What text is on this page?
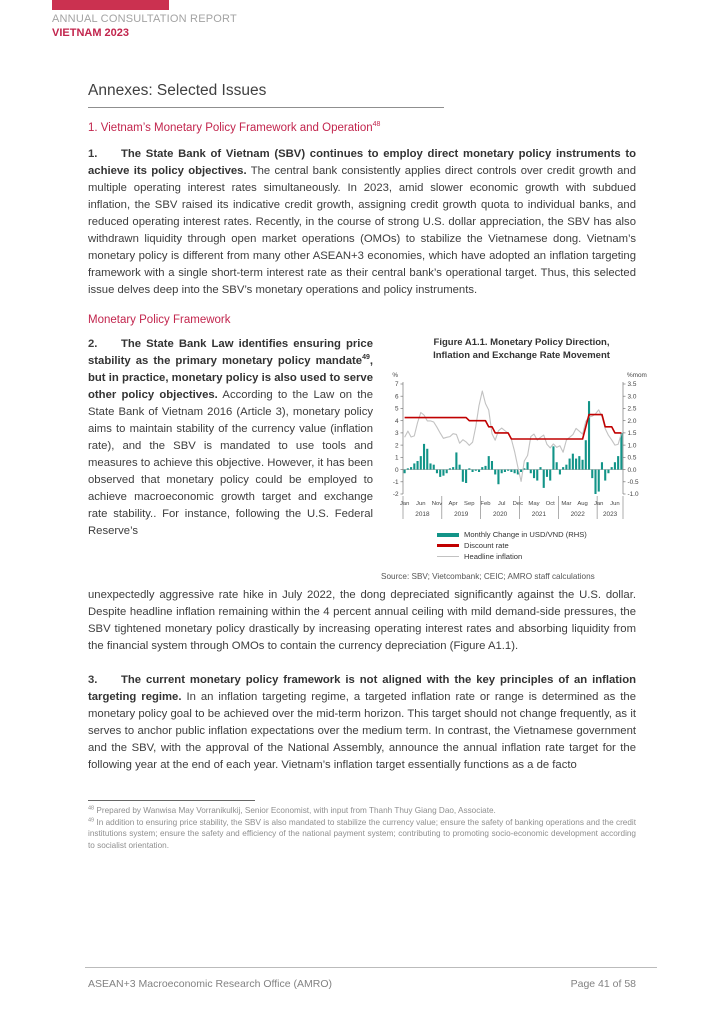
ANNUAL CONSULTATION REPORT
VIETNAM 2023
Annexes: Selected Issues
1. Vietnam’s Monetary Policy Framework and Operation$^{48}$

1. The State Bank of Vietnam (SBV) continues to employ direct monetary policy instruments to achieve its policy objectives. The central bank consistently applies direct controls over credit growth and multiple operating interest rates simultaneously. In 2023, amid slower economic growth with subdued inflation, the SBV raised its indicative credit growth, assigning credit growth quota to individual banks, and reduced operating interest rates. Recently, in the course of strong U.S. dollar appreciation, the SBV has also withdrawn liquidity through open market operations (OMOs) to stabilize the Vietnamese dong. Vietnam’s monetary policy is different from many other ASEAN+3 economies, which have adopted an inflation targeting framework with a single short-term interest rate as their central bank’s operational target. Thus, this selected issue delves deep into the SBV’s monetary operations and policy instruments.

Monetary Policy Framework

2. The State Bank Law identifies ensuring price stability as the primary monetary policy mandate$^{49}$, but in practice, monetary policy is also used to serve other policy objectives. According to the Law on the State Bank of Vietnam 2016 (Article 3), monetary policy aims to maintain stability of the currency value (inflation rate), and the SBV is mandated to use tools and measures to achieve this objective. However, it has been observed that monetary policy could be employed to achieve macroeconomic growth target and exchange rate stability.. For instance, following the U.S. Federal Reserve’s

Figure A1.1. Monetary Policy Direction,
Inflation and Exchange Rate Movement
-2
-1
0
1
2
3
4
5
6
7
%
-1.0
-0.5
0.0
0.5
1.0
1.5
2.0
2.5
3.0
3.5
%mom
Jan Jun Nov Apr Sep Feb Jul Dec May Oct Mar Aug Jan Jun
2018	2019	2020	2021	2022	2023
Monthly Change in USD/VND (RHS)
Discount rate
Headline inflation
Source: SBV; Vietcombank; CEIC; AMRO staff calculations

unexpectedly aggressive rate hike in July 2022, the dong depreciated significantly against the U.S. dollar. Despite headline inflation remaining within the 4 percent annual ceiling with mild demand-side pressures, the SBV tightened monetary policy drastically by increasing operating interest rates and absorbing liquidity from the financial system through OMOs to contain the currency depreciation (Figure A1.1).

3. The current monetary policy framework is not aligned with the key principles of an inflation targeting regime. In an inflation targeting regime, a targeted inflation rate or range is determined as the monetary policy goal to be achieved over the mid-term horizon. This target should not change frequently, as it serves to anchor public inflation expectations over the medium term. In contrast, the Vietnamese government and the SBV, with the approval of the National Assembly, announce the annual inflation rate target for the following year at the end of each year. Vietnam’s inflation target essentially functions as a de facto

$^{48}$ Prepared by Wanwisa May Vorranikulkij, Senior Economist, with input from Thanh Thuy Giang Dao, Associate.

$^{49}$ In addition to ensuring price stability, the SBV is also mandated to stabilize the currency value; ensure the safety of banking operations and the credit institutions system; ensure the safety and efficiency of the national payment system; contributing to promoting socio-economic development according to socialist orientation.

ASEAN+3 Macroeconomic Research Office (AMRO)	Page 41 of 58
